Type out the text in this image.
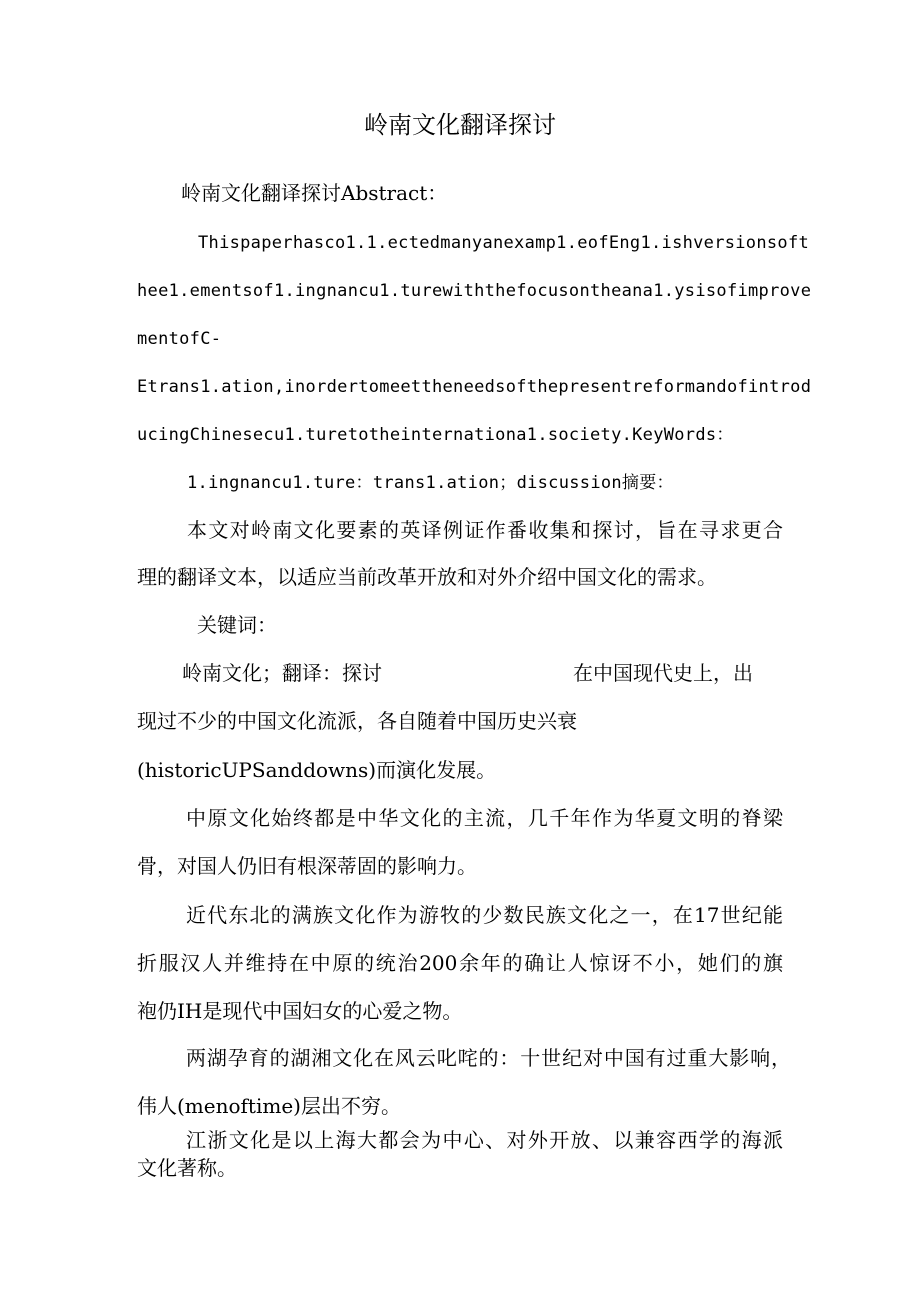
岭南文化翻译探讨
岭南文化翻译探讨Abstract：
Thispaperhasco1.1.ectedmanyanexamp1.eofEng1.ishversionsoft
hee1.ementsof1.ingnancu1.turewiththefocusontheana1.ysisofimprove
mentofC-
Etrans1.ation,inordertomeettheneedsofthepresentreformandofintrod
ucingChinesecu1.turetotheinternationa1.society.KeyWords：
1.ingnancu1.ture：trans1.ation；discussion摘要：
本文对岭南文化要素的英译例证作番收集和探讨，旨在寻求更合
理的翻译文本，以适应当前改革开放和对外介绍中国文化的需求。
关键词：
岭南文化；翻译：探讨	在中国现代史上，出
现过不少的中国文化流派，各自随着中国历史兴衰
(historicUPSanddowns)而演化发展。
中原文化始终都是中华文化的主流，几千年作为华夏文明的脊梁
骨，对国人仍旧有根深蒂固的影响力。
近代东北的满族文化作为游牧的少数民族文化之一，在17世纪能
折服汉人并维持在中原的统治200余年的确让人惊讶不小，她们的旗
袍仍IH是现代中国妇女的心爱之物。
两湖孕育的湖湘文化在风云叱咤的：十世纪对中国有过重大影响，
伟人(menoftime)层出不穷。
江浙文化是以上海大都会为中心、对外开放、以兼容西学的海派
文化著称。
